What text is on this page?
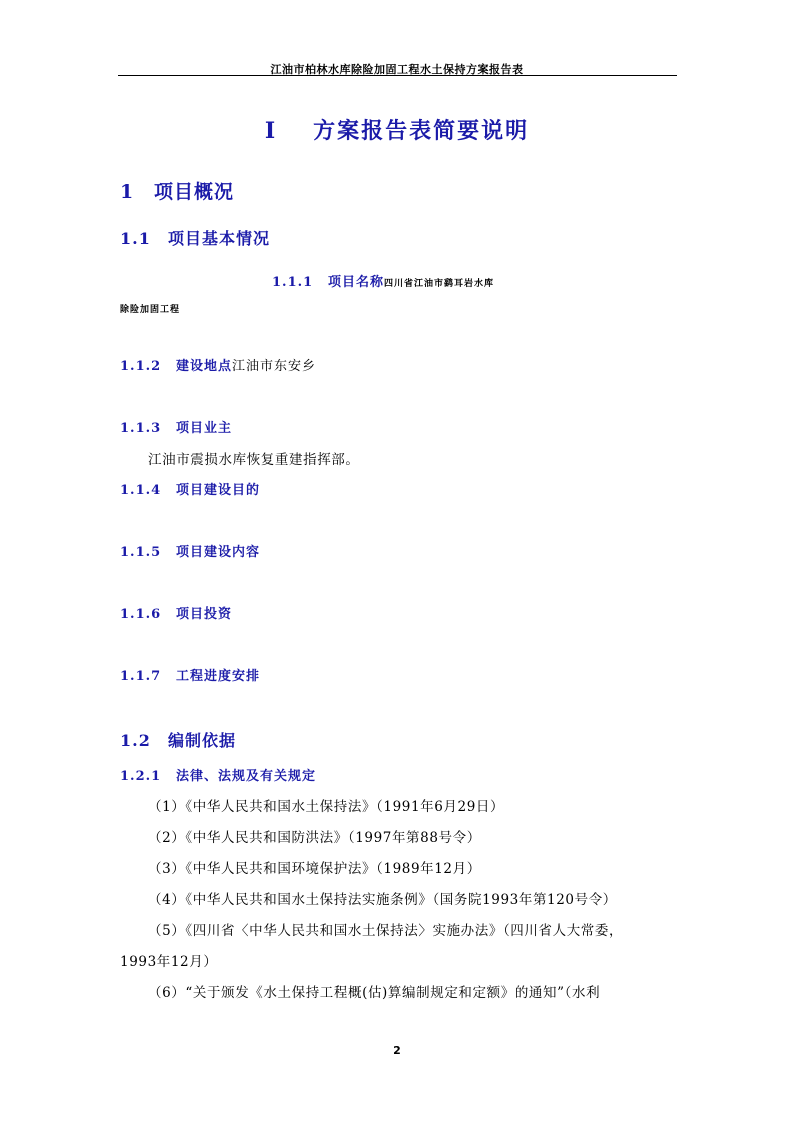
江油市柏林水库除险加固工程水土保持方案报告表
I 方案报告表简要说明
1 项目概况
1.1 项目基本情况
1.1.1 项目名称四川省江油市鹞耳岩水库
除险加固工程
1.1.2 建设地点江油市东安乡
1.1.3 项目业主
江油市震损水库恢复重建指挥部。
1.1.4 项目建设目的
1.1.5 项目建设内容
1.1.6 项目投资
1.1.7 工程进度安排
1.2 编制依据
1.2.1 法律、法规及有关规定
（1）《中华人民共和国水土保持法》（1991年6月29日）
（2）《中华人民共和国防洪法》（1997年第88号令）
（3）《中华人民共和国环境保护法》（1989年12月）
（4）《中华人民共和国水土保持法实施条例》（国务院1993年第120号令）
（5）《四川省〈中华人民共和国水土保持法〉实施办法》（四川省人大常委，
1993年12月）
（6）“关于颁发《水土保持工程概(估)算编制规定和定额》的通知”（水利
2
